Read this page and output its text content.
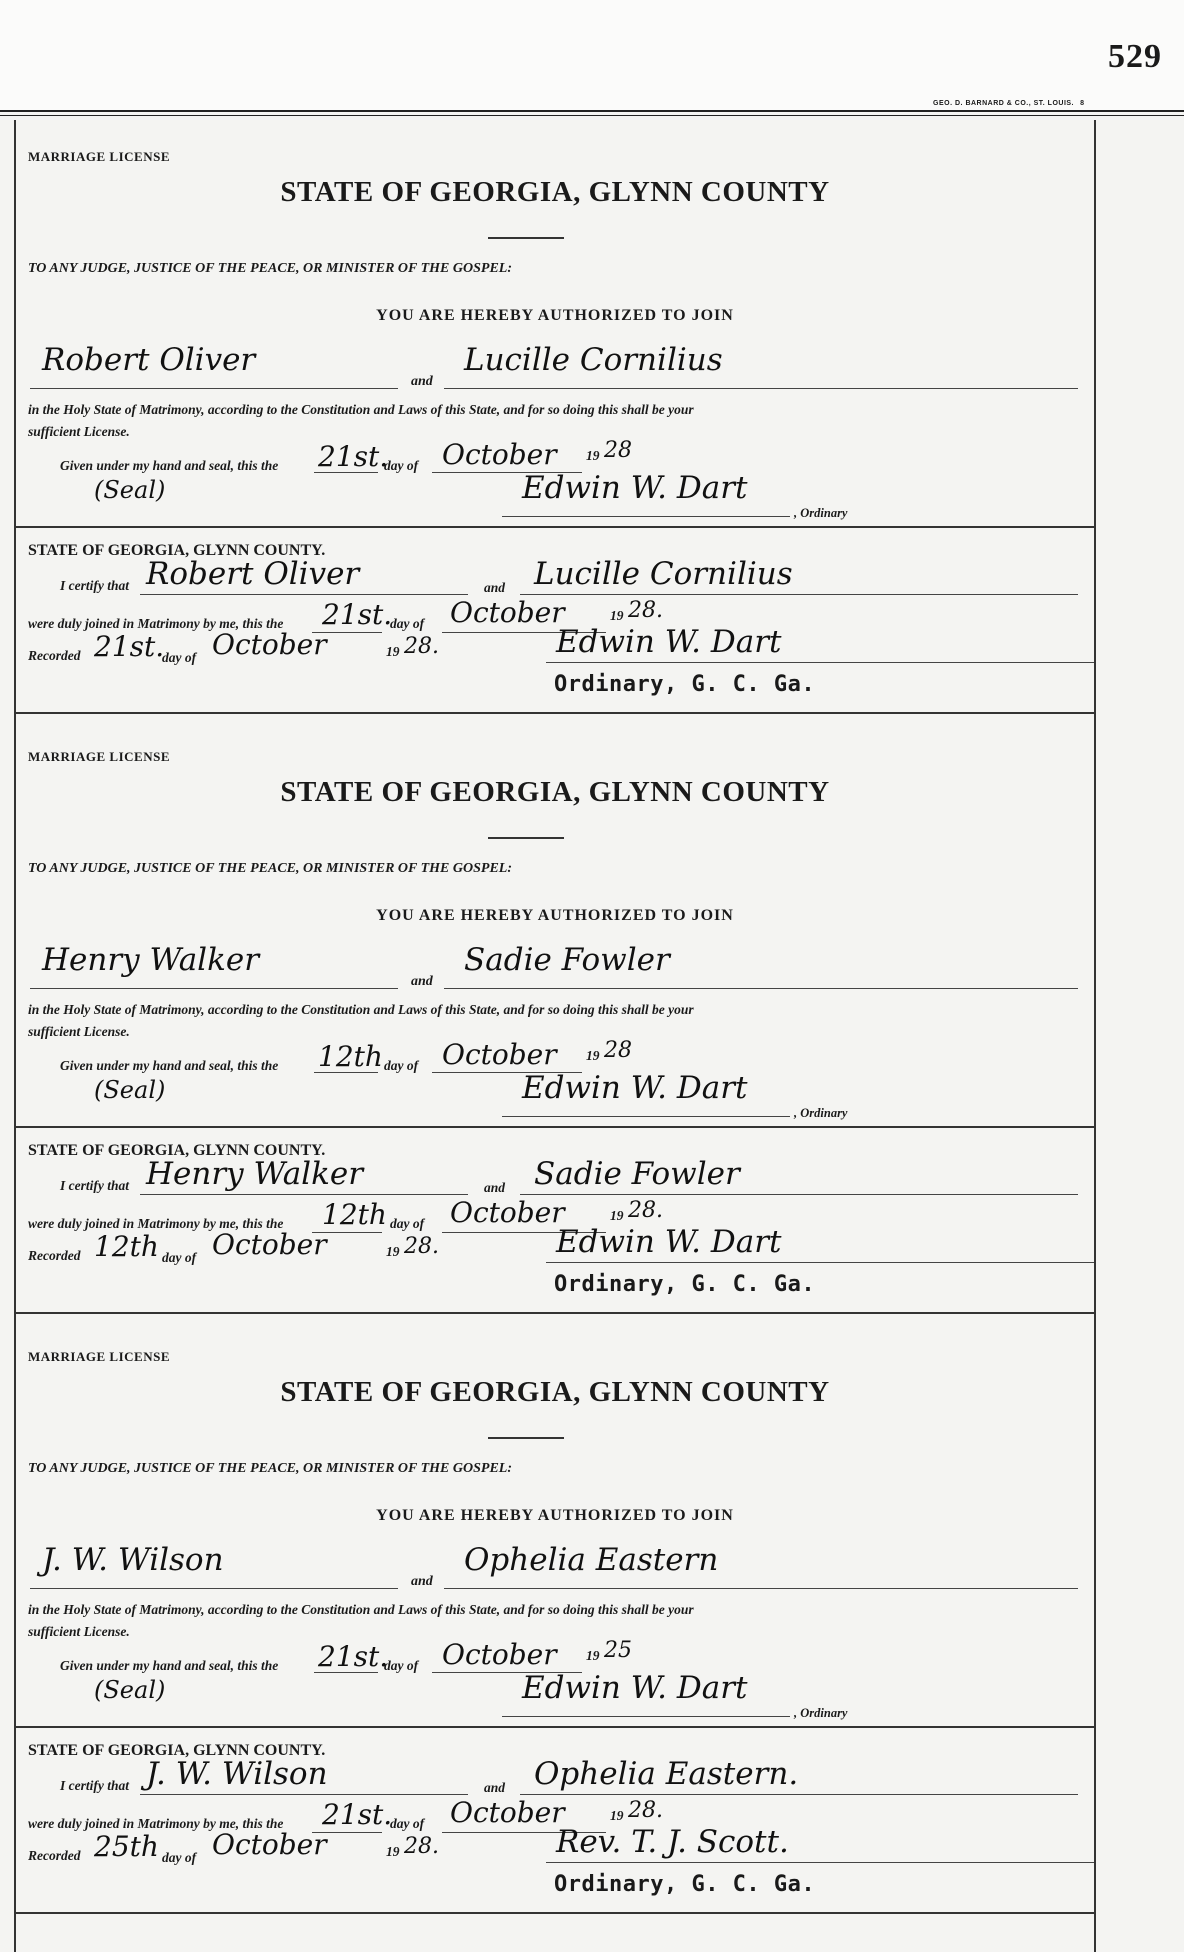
529
GEO. D. BARNARD & CO., ST. LOUIS. 8
MARRIAGE LICENSE
STATE OF GEORGIA, GLYNN COUNTY
TO ANY JUDGE, JUSTICE OF THE PEACE, OR MINISTER OF THE GOSPEL:
YOU ARE HEREBY AUTHORIZED TO JOIN
Robert Oliver
and
Lucille Cornilius
in the Holy State of Matrimony, according to the Constitution and Laws of this State, and for so doing this shall be your
sufficient License.
Given under my hand and seal, this the 21st.
day of October 19 28
(Seal)	Edwin W. Dart
, Ordinary
STATE OF GEORGIA, GLYNN COUNTY.
I certify that Robert Oliver	and Lucille Cornilius
were duly joined in Matrimony by me, this the 21st.
day of October	19 28.
Recorded 21st.
day of October	19 28.	Edwin W. Dart
Ordinary, G. C. Ga.
MARRIAGE LICENSE
STATE OF GEORGIA, GLYNN COUNTY
TO ANY JUDGE, JUSTICE OF THE PEACE, OR MINISTER OF THE GOSPEL:
YOU ARE HEREBY AUTHORIZED TO JOIN
Henry Walker
and
Sadie Fowler
in the Holy State of Matrimony, according to the Constitution and Laws of this State, and for so doing this shall be your
sufficient License.
Given under my hand and seal, this the 12th day of October 19 28
(Seal)	Edwin W. Dart
, Ordinary
STATE OF GEORGIA, GLYNN COUNTY.
I certify that Henry Walker	and Sadie Fowler
were duly joined in Matrimony by me, this the 12th day of October	19 28.
Recorded 12th day of October	19 28.	Edwin W. Dart
Ordinary, G. C. Ga.
MARRIAGE LICENSE
STATE OF GEORGIA, GLYNN COUNTY
TO ANY JUDGE, JUSTICE OF THE PEACE, OR MINISTER OF THE GOSPEL:
YOU ARE HEREBY AUTHORIZED TO JOIN
J. W. Wilson
and
Ophelia Eastern
in the Holy State of Matrimony, according to the Constitution and Laws of this State, and for so doing this shall be your
sufficient License.
Given under my hand and seal, this the 21st.
day of October 19 25
(Seal)	Edwin W. Dart
, Ordinary
STATE OF GEORGIA, GLYNN COUNTY.
I certify that J. W. Wilson	and Ophelia Eastern.
were duly joined in Matrimony by me, this the 21st.
day of October	19 28.
Recorded 25th day of October	19 28.	Rev. T. J. Scott.
Ordinary, G. C. Ga.
